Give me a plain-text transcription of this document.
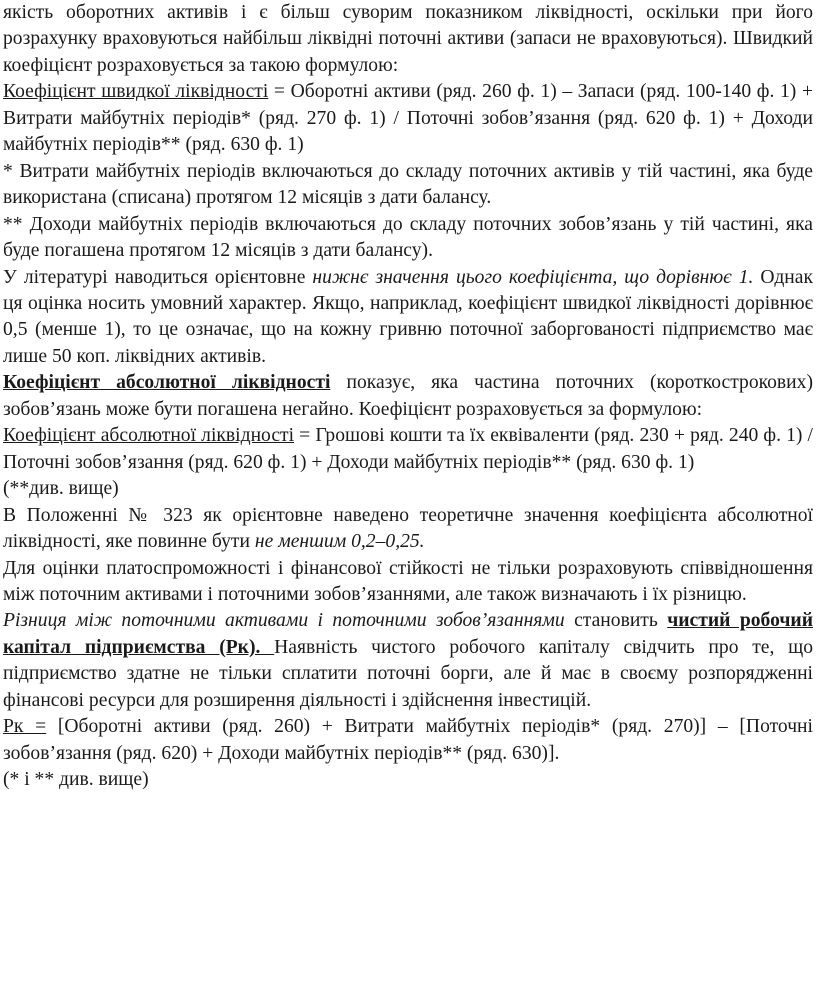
якість оборотних активів і є більш суворим показником ліквідності, оскільки при його розрахунку враховуються найбільш ліквідні поточні активи (запаси не враховуються). Швидкий коефіцієнт розраховується за такою формулою:

Коефіцієнт швидкої ліквідності = Оборотні активи (ряд. 260 ф. 1) – Запаси (ряд. 100-140 ф. 1) + Витрати майбутніх періодів* (ряд. 270 ф. 1) / Поточні зобов’язання (ряд. 620 ф. 1) + Доходи майбутніх періодів** (ряд. 630 ф. 1)

* Витрати майбутніх періодів включаються до складу поточних активів у тій частині, яка буде використана (списана) протягом 12 місяців з дати балансу.

** Доходи майбутніх періодів включаються до складу поточних зобов’язань у тій частині, яка буде погашена протягом 12 місяців з дати балансу).

У літературі наводиться орієнтовне нижнє значення цього коефіцієнта, що дорівнює 1. Однак ця оцінка носить умовний характер. Якщо, наприклад, коефіцієнт швидкої ліквідності дорівнює 0,5 (менше 1), то це означає, що на кожну гривню поточної заборгованості підприємство має лише 50 коп. ліквідних активів.

Коефіцієнт абсолютної ліквідності показує, яка частина поточних (короткострокових) зобов’язань може бути погашена негайно. Коефіцієнт розраховується за формулою:

Коефіцієнт абсолютної ліквідності = Грошові кошти та їх еквіваленти (ряд. 230 + ряд. 240 ф. 1) / Поточні зобов’язання (ряд. 620 ф. 1) + Доходи майбутніх періодів** (ряд. 630 ф. 1)

(**див. вище)

В Положенні № 323 як орієнтовне наведено теоретичне значення коефіцієнта абсолютної ліквідності, яке повинне бути не меншим 0,2–0,25.

Для оцінки платоспроможності і фінансової стійкості не тільки розраховують співвідношення між поточним активами і поточними зобов’язаннями, але також визначають і їх різницю.

Різниця між поточними активами і поточними зобов’язаннями становить чистий робочий капітал підприємства (Рк). Наявність чистого робочого капіталу свідчить про те, що підприємство здатне не тільки сплатити поточні борги, але й має в своєму розпорядженні фінансові ресурси для розширення діяльності і здійснення інвестицій.

Рк = [Оборотні активи (ряд. 260) + Витрати майбутніх періодів* (ряд. 270)] – [Поточні зобов’язання (ряд. 620) + Доходи майбутніх періодів** (ряд. 630)].

(* і ** див. вище)
